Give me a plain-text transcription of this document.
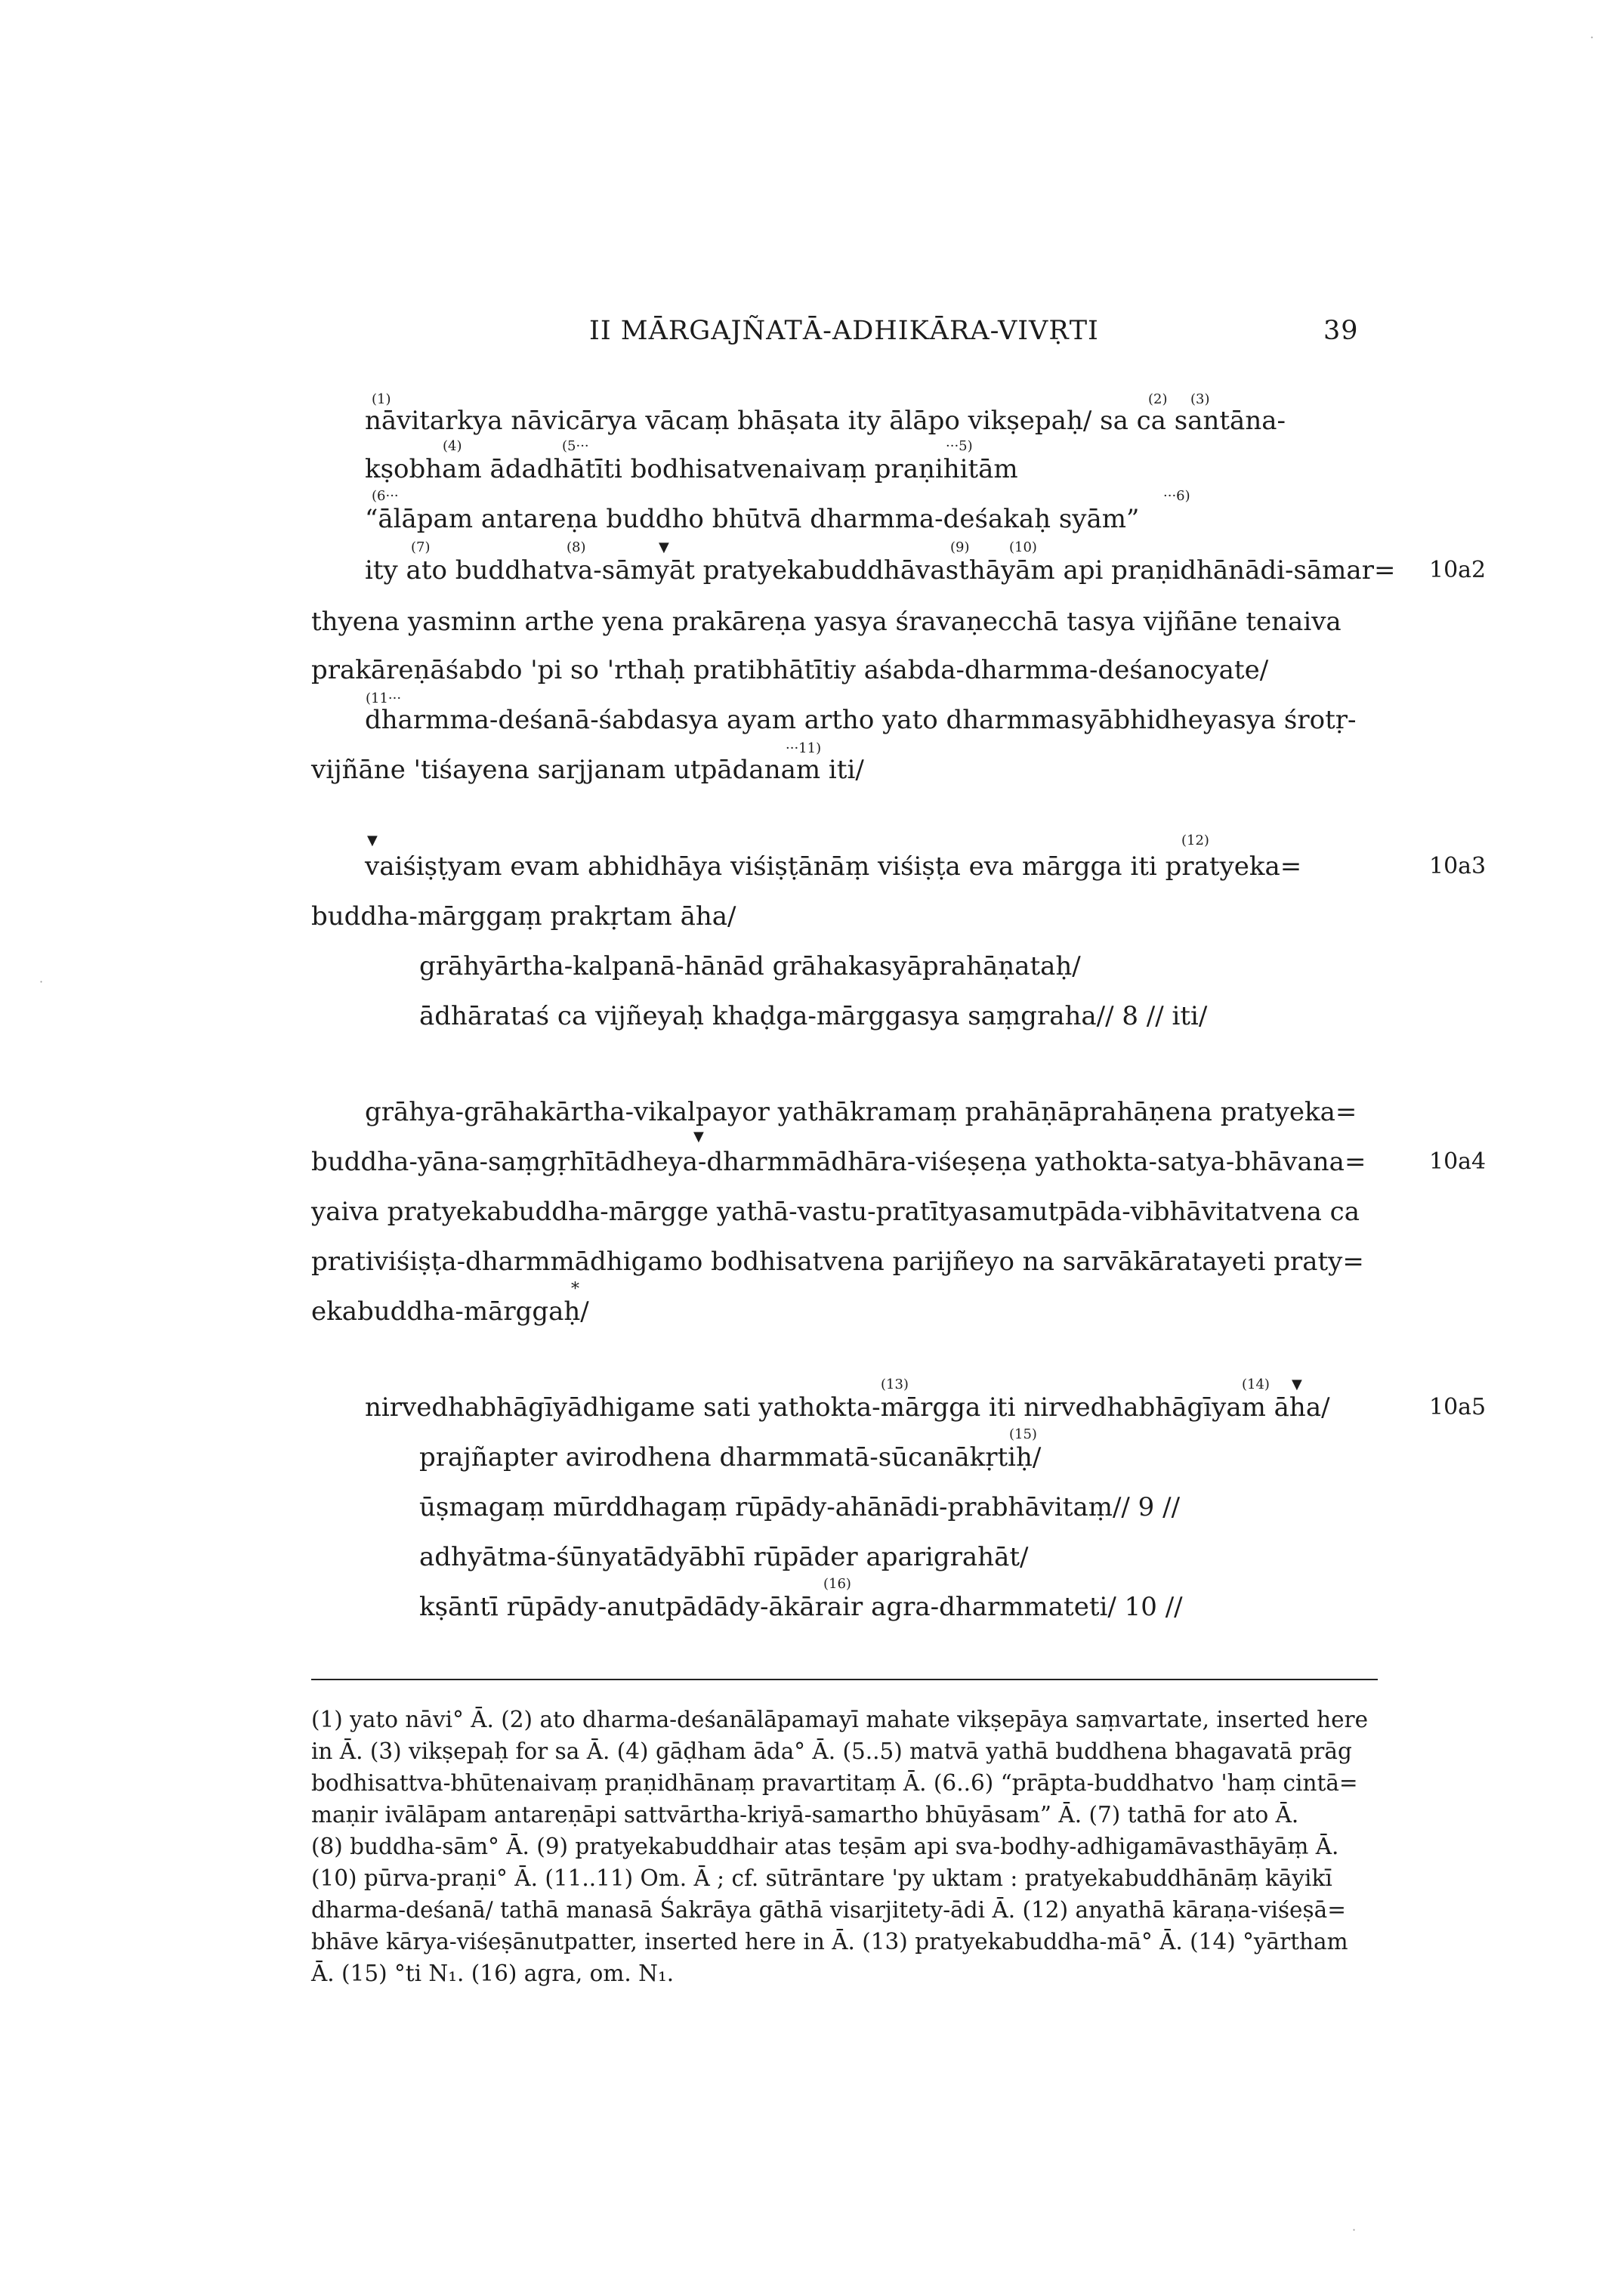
II MĀRGAJÑATĀ-ADHIKĀRA-VIVṚTI	39
·
·
·
(1)	(2) (3)
nāvitarkya nāvicārya vācaṃ bhāṣata ity ālāpo vikṣepaḥ/ sa ca santāna-
(4)	(5···	···5)
kṣobham ādadhātīti bodhisatvenaivaṃ praṇihitām
(6···	···6)
“ālāpam antareṇa buddho bhūtvā dharmma-deśakaḥ syām”
(7)	(8)	▼	(9)	(10)
ity ato buddhatva-sāmyāt pratyekabuddhāvasthāyām api praṇidhānādi-sāmar= 10a2
thyena yasminn arthe yena prakāreṇa yasya śravaṇecchā tasya vijñāne tenaiva
prakāreṇāśabdo 'pi so 'rthaḥ pratibhātītiy aśabda-dharmma-deśanocyate/
(11···
dharmma-deśanā-śabdasya ayam artho yato dharmmasyābhidheyasya śrotṛ-
···11)
vijñāne 'tiśayena sarjjanam utpādanam iti/
▼	(12)
vaiśiṣṭyam evam abhidhāya viśiṣṭānāṃ viśiṣṭa eva mārgga iti pratyeka=	10a3
buddha-mārggaṃ prakṛtam āha/
grāhyārtha-kalpanā-hānād grāhakasyāprahāṇataḥ/
ādhārataś ca vijñeyaḥ khaḍga-mārggasya saṃgraha// 8 // iti/
grāhya-grāhakārtha-vikalpayor yathākramaṃ prahāṇāprahāṇena pratyeka=
▼
buddha-yāna-saṃgṛhītādheya-dharmmādhāra-viśeṣeṇa yathokta-satya-bhāvana=	10a4
yaiva pratyekabuddha-mārgge yathā-vastu-pratītyasamutpāda-vibhāvitatvena ca
prativiśiṣṭa-dharmmādhigamo bodhisatvena parijñeyo na sarvākāratayeti praty=
*
ekabuddha-mārggaḥ/
(13)	(14) ▼
nirvedhabhāgīyādhigame sati yathokta-mārgga iti nirvedhabhāgīyam āha/	10a5
(15)
prajñapter avirodhena dharmmatā-sūcanākṛtiḥ/
ūṣmagaṃ mūrddhagaṃ rūpādy-ahānādi-prabhāvitaṃ// 9 //
adhyātma-śūnyatādyābhī rūpāder aparigrahāt/
(16)
kṣāntī rūpādy-anutpādādy-ākārair agra-dharmmateti/ 10 //
(1) yato nāvi° Ā. (2) ato dharma-deśanālāpamayī mahate vikṣepāya saṃvartate, inserted here
in Ā. (3) vikṣepaḥ for sa Ā. (4) gāḍham āda° Ā. (5..5) matvā yathā buddhena bhagavatā prāg
bodhisattva-bhūtenaivaṃ praṇidhānaṃ pravartitaṃ Ā. (6..6) “prāpta-buddhatvo 'haṃ cintā=
maṇir ivālāpam antareṇāpi sattvārtha-kriyā-samartho bhūyāsam” Ā. (7) tathā for ato Ā.
(8) buddha-sām° Ā. (9) pratyekabuddhair atas teṣām api sva-bodhy-adhigamāvasthāyāṃ Ā.
(10) pūrva-praṇi° Ā. (11..11) Om. Ā ; cf. sūtrāntare 'py uktam : pratyekabuddhānāṃ kāyikī
dharma-deśanā/ tathā manasā Śakrāya gāthā visarjitety-ādi Ā. (12) anyathā kāraṇa-viśeṣā=
bhāve kārya-viśeṣānutpatter, inserted here in Ā. (13) pratyekabuddha-mā° Ā. (14) °yārtham
Ā. (15) °ti N₁. (16) agra, om. N₁.
